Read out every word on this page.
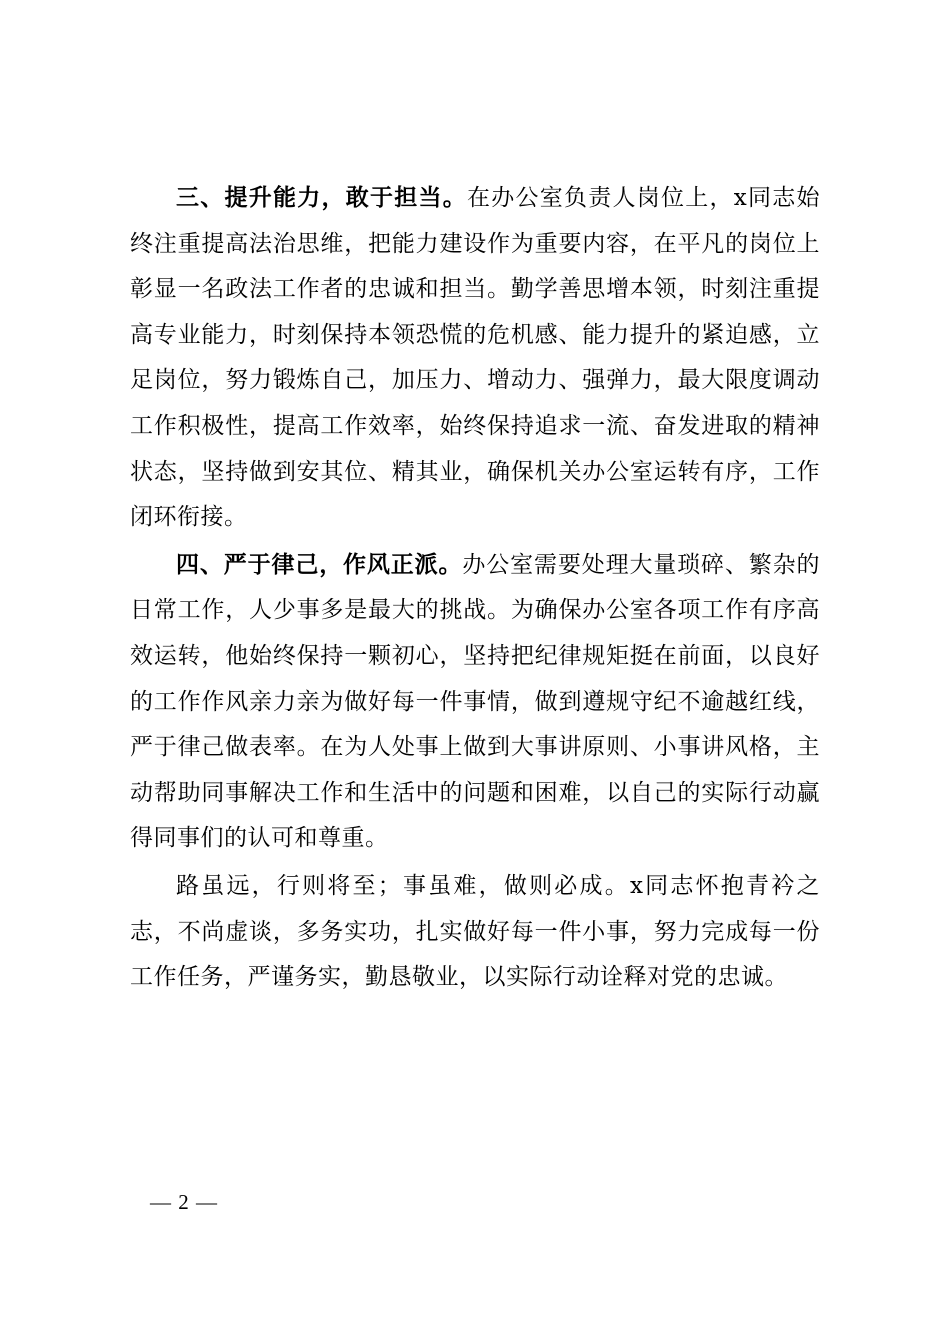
三、提升能力，敢于担当。在办公室负责人岗位上，x同志始终注重提高法治思维，把能力建设作为重要内容，在平凡的岗位上彰显一名政法工作者的忠诚和担当。勤学善思增本领，时刻注重提高专业能力，时刻保持本领恐慌的危机感、能力提升的紧迫感，立足岗位，努力锻炼自己，加压力、增动力、强弹力，最大限度调动工作积极性，提高工作效率，始终保持追求一流、奋发进取的精神状态，坚持做到安其位、精其业，确保机关办公室运转有序，工作闭环衔接。

四、严于律己，作风正派。办公室需要处理大量琐碎、繁杂的日常工作，人少事多是最大的挑战。为确保办公室各项工作有序高效运转，他始终保持一颗初心，坚持把纪律规矩挺在前面，以良好的工作作风亲力亲为做好每一件事情，做到遵规守纪不逾越红线，严于律己做表率。在为人处事上做到大事讲原则、小事讲风格，主动帮助同事解决工作和生活中的问题和困难，以自己的实际行动赢得同事们的认可和尊重。

路虽远，行则将至；事虽难，做则必成。x同志怀抱青衿之志，不尚虚谈，多务实功，扎实做好每一件小事，努力完成每一份工作任务，严谨务实，勤恳敬业，以实际行动诠释对党的忠诚。

— 2 —
